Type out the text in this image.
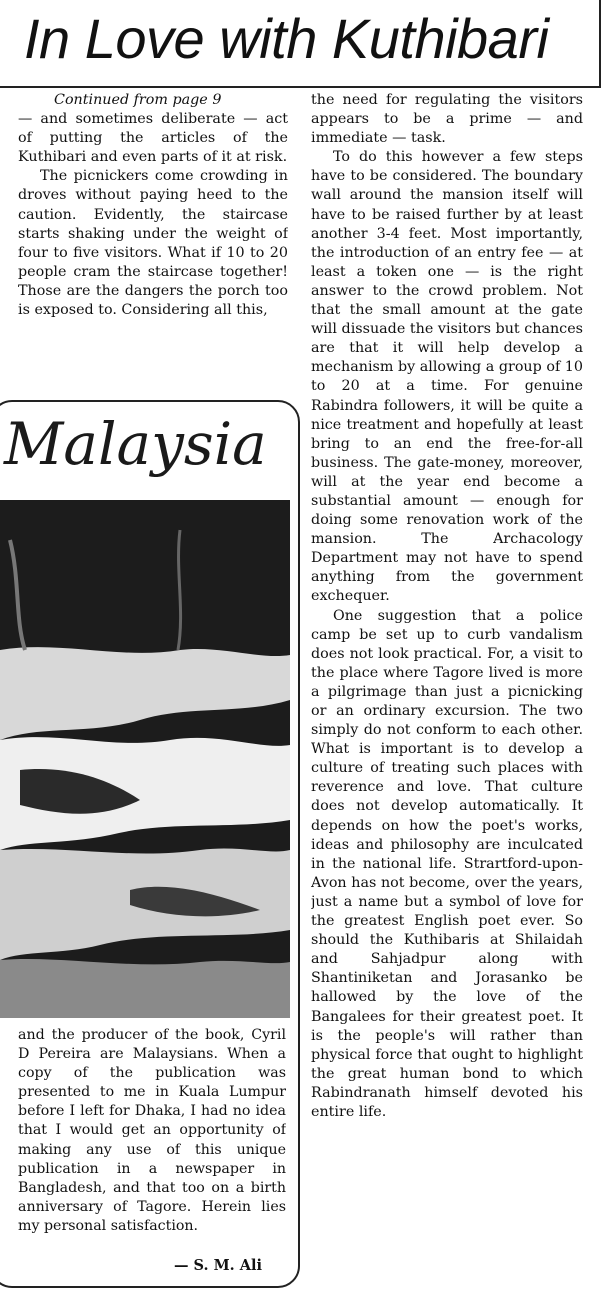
In Love with Kuthibari
Continued from page 9

— and sometimes deliberate — act of putting the articles of the Kuthibari and even parts of it at risk.

The picnickers come crowding in droves without paying heed to the caution. Evidently, the staircase starts shaking under the weight of four to five visitors. What if 10 to 20 people cram the staircase together! Those are the dangers the porch too is exposed to. Considering all this,

the need for regulating the visitors appears to be a prime — and immediate — task.

To do this however a few steps have to be considered. The boundary wall around the mansion itself will have to be raised further by at least another 3-4 feet. Most importantly, the introduction of an entry fee — at least a token one — is the right answer to the crowd problem. Not that the small amount at the gate will dissuade the visitors but chances are that it will help develop a mechanism by allowing a group of 10 to 20 at a time. For genuine Rabindra followers, it will be quite a nice treatment and hopefully at least bring to an end the free-for-all business. The gate-money, moreover, will at the year end become a substantial amount — enough for doing some renovation work of the mansion. The Archacology Department may not have to spend anything from the government exchequer.

One suggestion that a police camp be set up to curb vandalism does not look practical. For, a visit to the place where Tagore lived is more a pilgrimage than just a picnicking or an ordinary excursion. The two simply do not conform to each other. What is important is to develop a culture of treating such places with reverence and love. That culture does not develop automatically. It depends on how the poet's works, ideas and philosophy are inculcated in the national life. Strartford-upon-Avon has not become, over the years, just a name but a symbol of love for the greatest English poet ever. So should the Kuthibaris at Shilaidah and Sahjadpur along with Shantiniketan and Jorasanko be hallowed by the love of the Bangalees for their greatest poet. It is the people's will rather than physical force that ought to highlight the great human bond to which Rabindranath himself devoted his entire life.

Malaysia

and the producer of the book, Cyril D Pereira are Malaysians. When a copy of the publication was presented to me in Kuala Lumpur before I left for Dhaka, I had no idea that I would get an opportunity of making any use of this unique publication in a newspaper in Bangladesh, and that too on a birth anniversary of Tagore. Herein lies my personal satisfaction.

— S. M. Ali
